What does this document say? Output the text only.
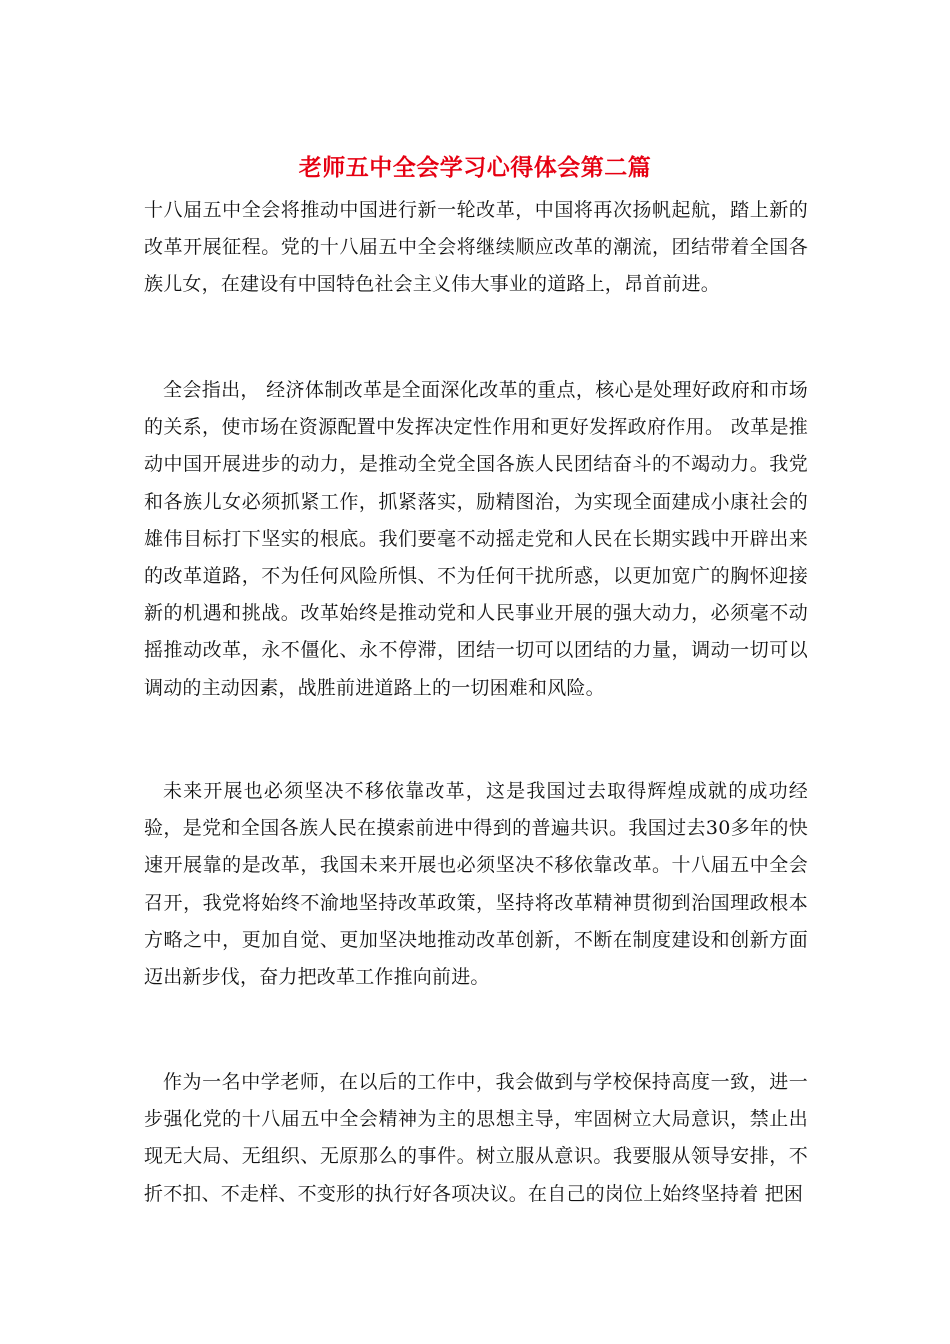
老师五中全会学习心得体会第二篇

十八届五中全会将推动中国进行新一轮改革，中国将再次扬帆起航，踏上新的改革开展征程。党的十八届五中全会将继续顺应改革的潮流，团结带着全国各族儿女，在建设有中国特色社会主义伟大事业的道路上，昂首前进。

全会指出， 经济体制改革是全面深化改革的重点，核心是处理好政府和市场的关系，使市场在资源配置中发挥决定性作用和更好发挥政府作用。 改革是推动中国开展进步的动力，是推动全党全国各族人民团结奋斗的不竭动力。我党和各族儿女必须抓紧工作，抓紧落实，励精图治，为实现全面建成小康社会的雄伟目标打下坚实的根底。我们要毫不动摇走党和人民在长期实践中开辟出来的改革道路，不为任何风险所惧、不为任何干扰所惑，以更加宽广的胸怀迎接新的机遇和挑战。改革始终是推动党和人民事业开展的强大动力，必须毫不动摇推动改革，永不僵化、永不停滞，团结一切可以团结的力量，调动一切可以调动的主动因素，战胜前进道路上的一切困难和风险。

未来开展也必须坚决不移依靠改革，这是我国过去取得辉煌成就的成功经验，是党和全国各族人民在摸索前进中得到的普遍共识。我国过去30多年的快速开展靠的是改革，我国未来开展也必须坚决不移依靠改革。十八届五中全会召开，我党将始终不渝地坚持改革政策，坚持将改革精神贯彻到治国理政根本方略之中，更加自觉、更加坚决地推动改革创新，不断在制度建设和创新方面迈出新步伐，奋力把改革工作推向前进。

作为一名中学老师，在以后的工作中，我会做到与学校保持高度一致，进一步强化党的十八届五中全会精神为主的思想主导，牢固树立大局意识，禁止出现无大局、无组织、无原那么的事件。树立服从意识。我要服从领导安排，不折不扣、不走样、不变形的执行好各项决议。在自己的岗位上始终坚持着 把困
